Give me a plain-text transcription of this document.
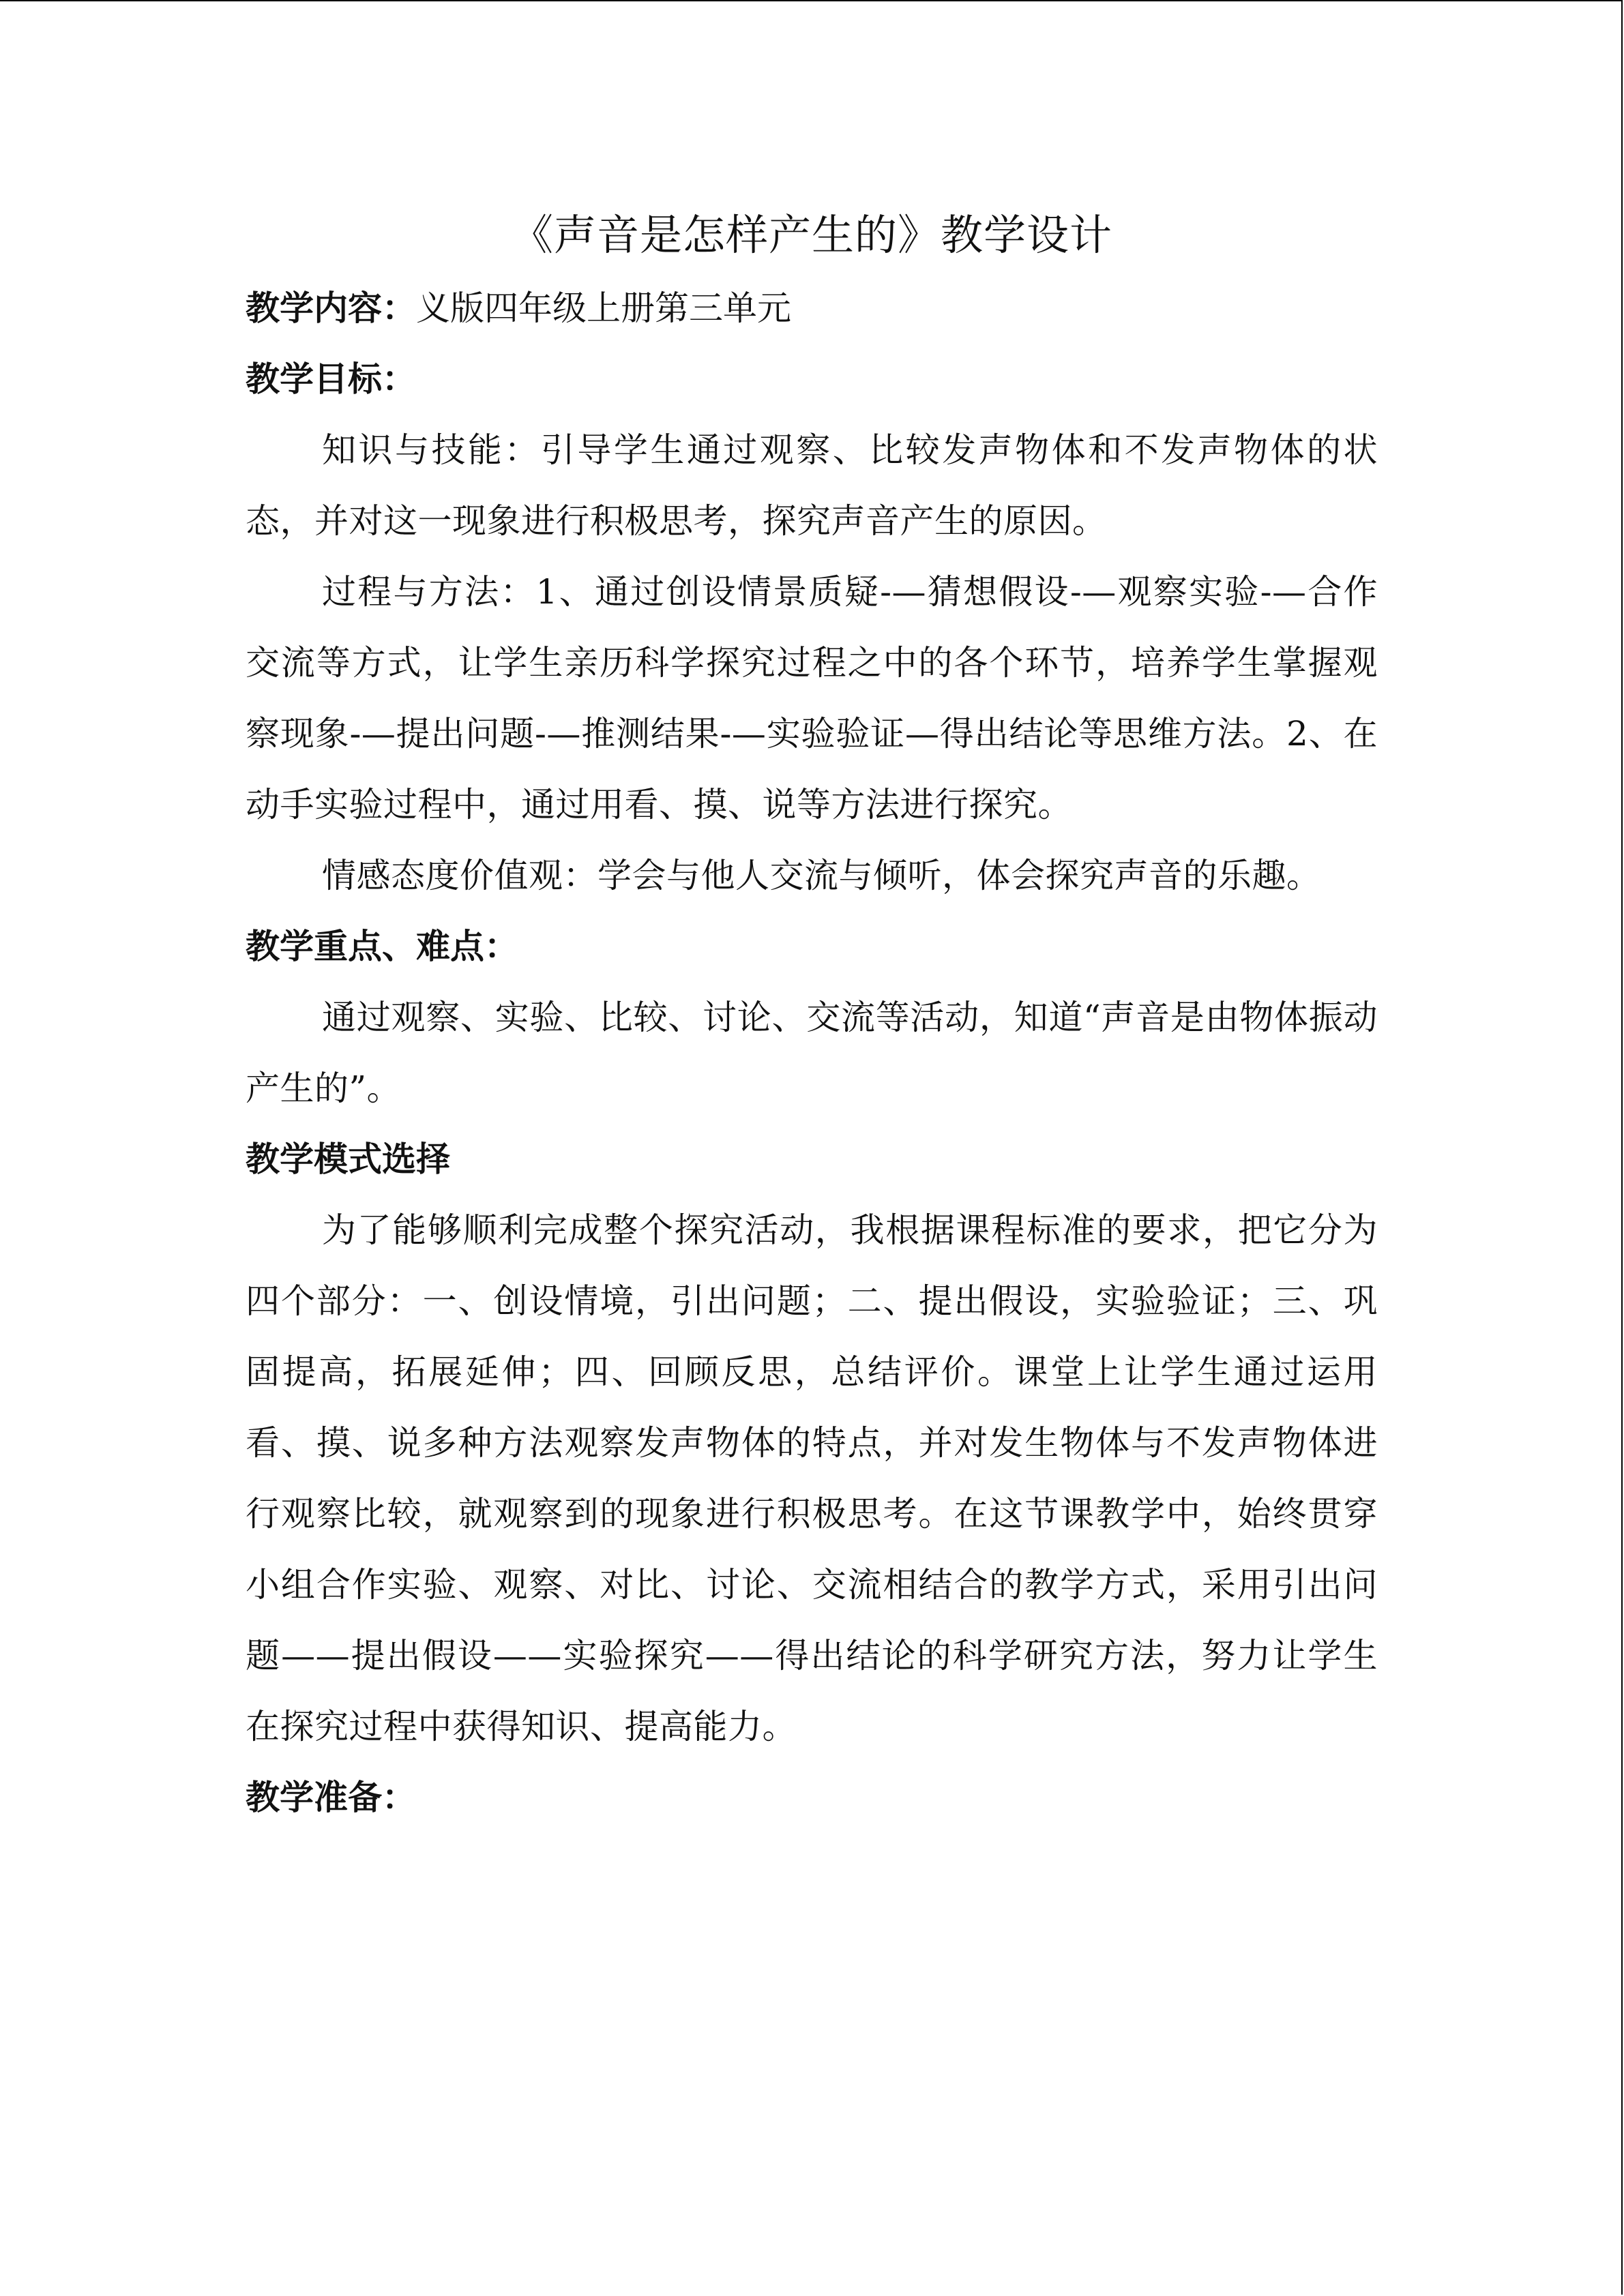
《声音是怎样产生的》教学设计

教学内容：义版四年级上册第三单元

教学目标：

知识与技能：引导学生通过观察、比较发声物体和不发声物体的状态，并对这一现象进行积极思考，探究声音产生的原因。

过程与方法：1、通过创设情景质疑-—猜想假设-—观察实验-—合作交流等方式，让学生亲历科学探究过程之中的各个环节，培养学生掌握观察现象-—提出问题-—推测结果-—实验验证—得出结论等思维方法。2、在动手实验过程中，通过用看、摸、说等方法进行探究。

情感态度价值观：学会与他人交流与倾听，体会探究声音的乐趣。

教学重点、难点：

通过观察、实验、比较、讨论、交流等活动，知道“声音是由物体振动产生的”。

教学模式选择

为了能够顺利完成整个探究活动，我根据课程标准的要求，把它分为四个部分：一、创设情境，引出问题；二、提出假设，实验验证；三、巩固提高，拓展延伸；四、回顾反思，总结评价。课堂上让学生通过运用看、摸、说多种方法观察发声物体的特点，并对发生物体与不发声物体进行观察比较，就观察到的现象进行积极思考。在这节课教学中，始终贯穿小组合作实验、观察、对比、讨论、交流相结合的教学方式，采用引出问题——提出假设——实验探究——得出结论的科学研究方法，努力让学生在探究过程中获得知识、提高能力。

教学准备：
